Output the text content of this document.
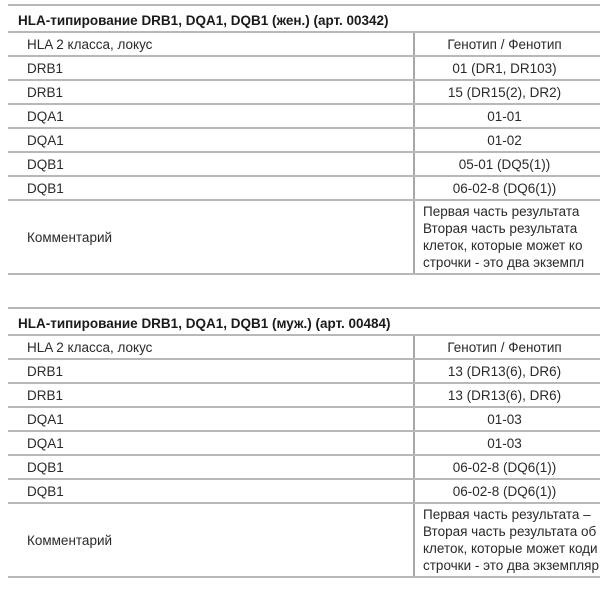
HLA-типирование DRB1, DQA1, DQB1 (жен.) (арт. 00342)
HLA 2 класса, локус	Генотип / Фенотип
DRB1	01 (DR1, DR103)
DRB1	15 (DR15(2), DR2)
DQA1	01-01
DQA1	01-02
DQB1	05-01 (DQ5(1))
DQB1	06-02-8 (DQ6(1))
Комментарий	Первая часть результата
Вторая часть результата
клеток, которые может ко
строчки - это два экземпл
HLA-типирование DRB1, DQA1, DQB1 (муж.) (арт. 00484)
HLA 2 класса, локус	Генотип / Фенотип
DRB1	13 (DR13(6), DR6)
DRB1	13 (DR13(6), DR6)
DQA1	01-03
DQA1	01-03
DQB1	06-02-8 (DQ6(1))
DQB1	06-02-8 (DQ6(1))
Комментарий	Первая часть результата –
Вторая часть результата об
клеток, которые может коди
строчки - это два экземпляр
